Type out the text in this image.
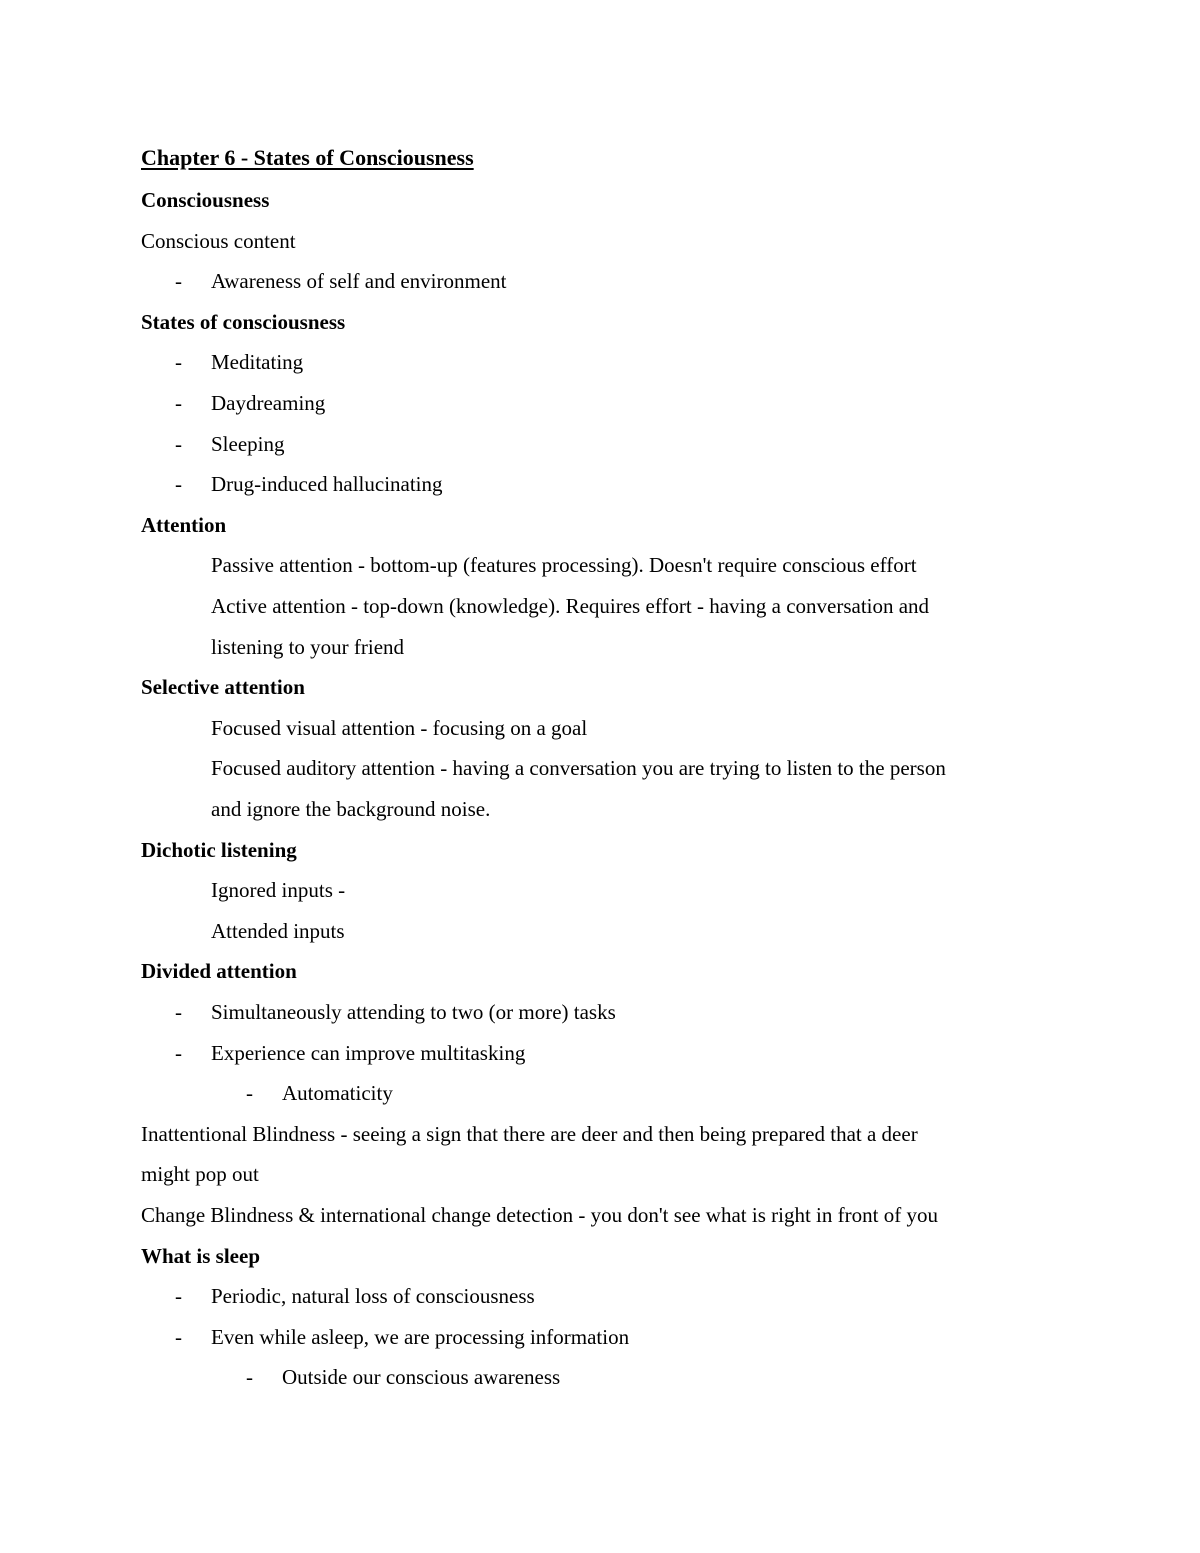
Chapter 6 - States of Consciousness
Consciousness
Conscious content
- Awareness of self and environment
States of consciousness
- Meditating
- Daydreaming
- Sleeping
- Drug-induced hallucinating
Attention
Passive attention - bottom-up (features processing). Doesn't require conscious effort
Active attention - top-down (knowledge). Requires effort - having a conversation and
listening to your friend
Selective attention
Focused visual attention - focusing on a goal
Focused auditory attention - having a conversation you are trying to listen to the person
and ignore the background noise.
Dichotic listening
Ignored inputs -
Attended inputs
Divided attention
- Simultaneously attending to two (or more) tasks
- Experience can improve multitasking
- Automaticity
Inattentional Blindness - seeing a sign that there are deer and then being prepared that a deer
might pop out
Change Blindness & international change detection - you don't see what is right in front of you
What is sleep
- Periodic, natural loss of consciousness
- Even while asleep, we are processing information
- Outside our conscious awareness
